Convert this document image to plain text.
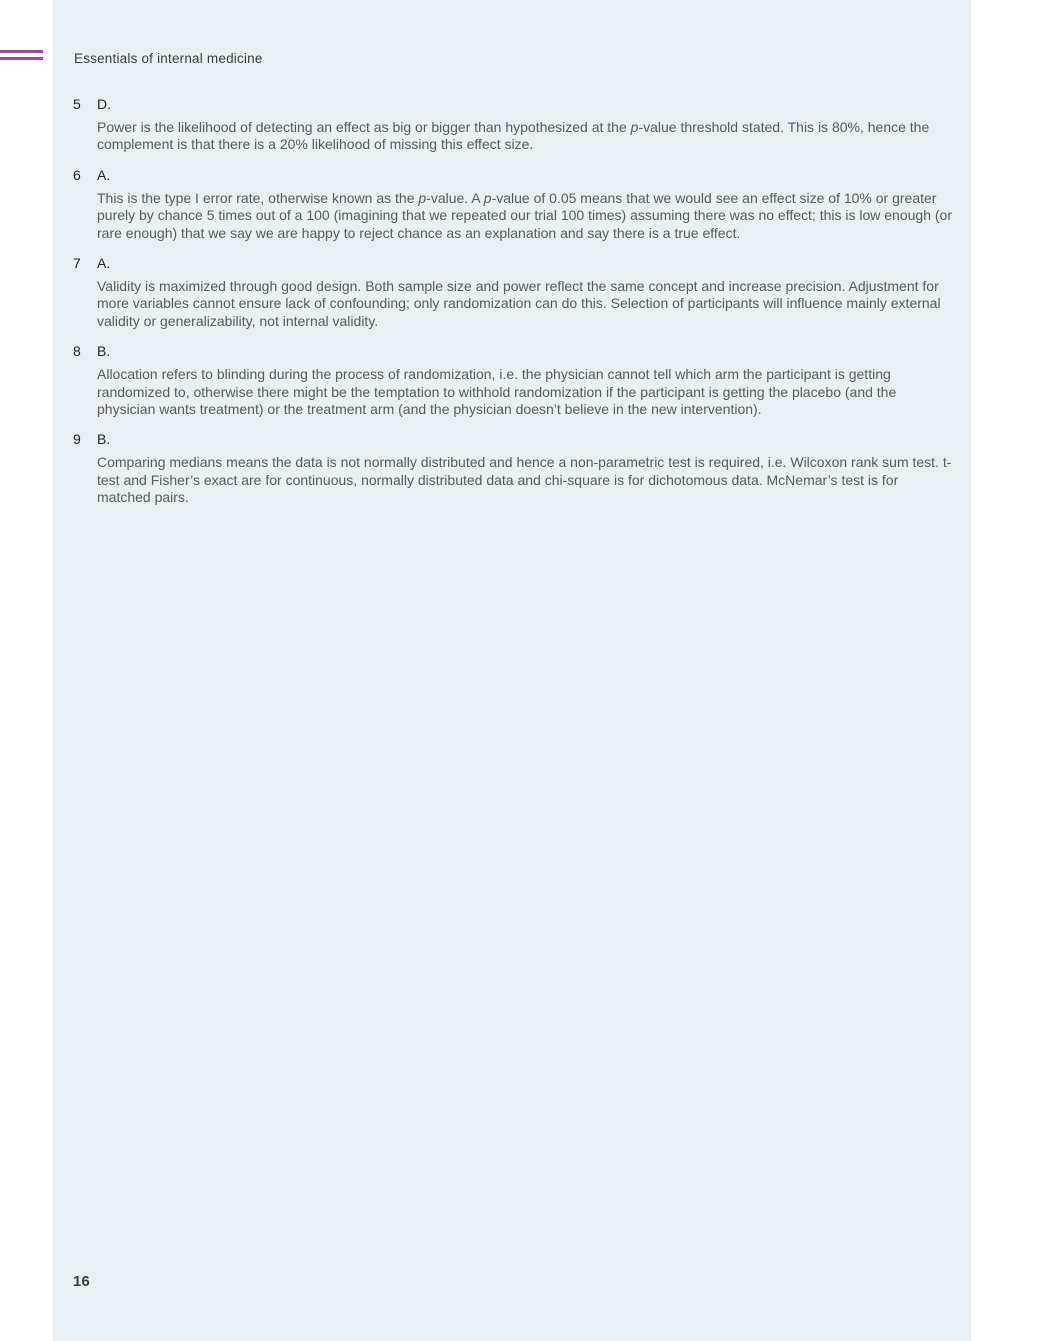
Essentials of internal medicine
5	D.
Power is the likelihood of detecting an effect as big or bigger than hypothesized at the p-value threshold stated. This is 80%, hence the complement is that there is a 20% likelihood of missing this effect size.
6	A.
This is the type I error rate, otherwise known as the p-value. A p-value of 0.05 means that we would see an effect size of 10% or greater purely by chance 5 times out of a 100 (imagining that we repeated our trial 100 times) assuming there was no effect; this is low enough (or rare enough) that we say we are happy to reject chance as an explanation and say there is a true effect.
7	A.
Validity is maximized through good design. Both sample size and power reflect the same concept and increase precision. Adjustment for more variables cannot ensure lack of confounding; only randomization can do this. Selection of participants will influence mainly external validity or generalizability, not internal validity.
8	B.
Allocation refers to blinding during the process of randomization, i.e. the physician cannot tell which arm the participant is getting randomized to, otherwise there might be the temptation to withhold randomization if the participant is getting the placebo (and the physician wants treatment) or the treatment arm (and the physician doesn’t believe in the new intervention).
9	B.
Comparing medians means the data is not normally distributed and hence a non-parametric test is required, i.e. Wilcoxon rank sum test. t-test and Fisher’s exact are for continuous, normally distributed data and chi-square is for dichotomous data. McNemar’s test is for matched pairs.
16
